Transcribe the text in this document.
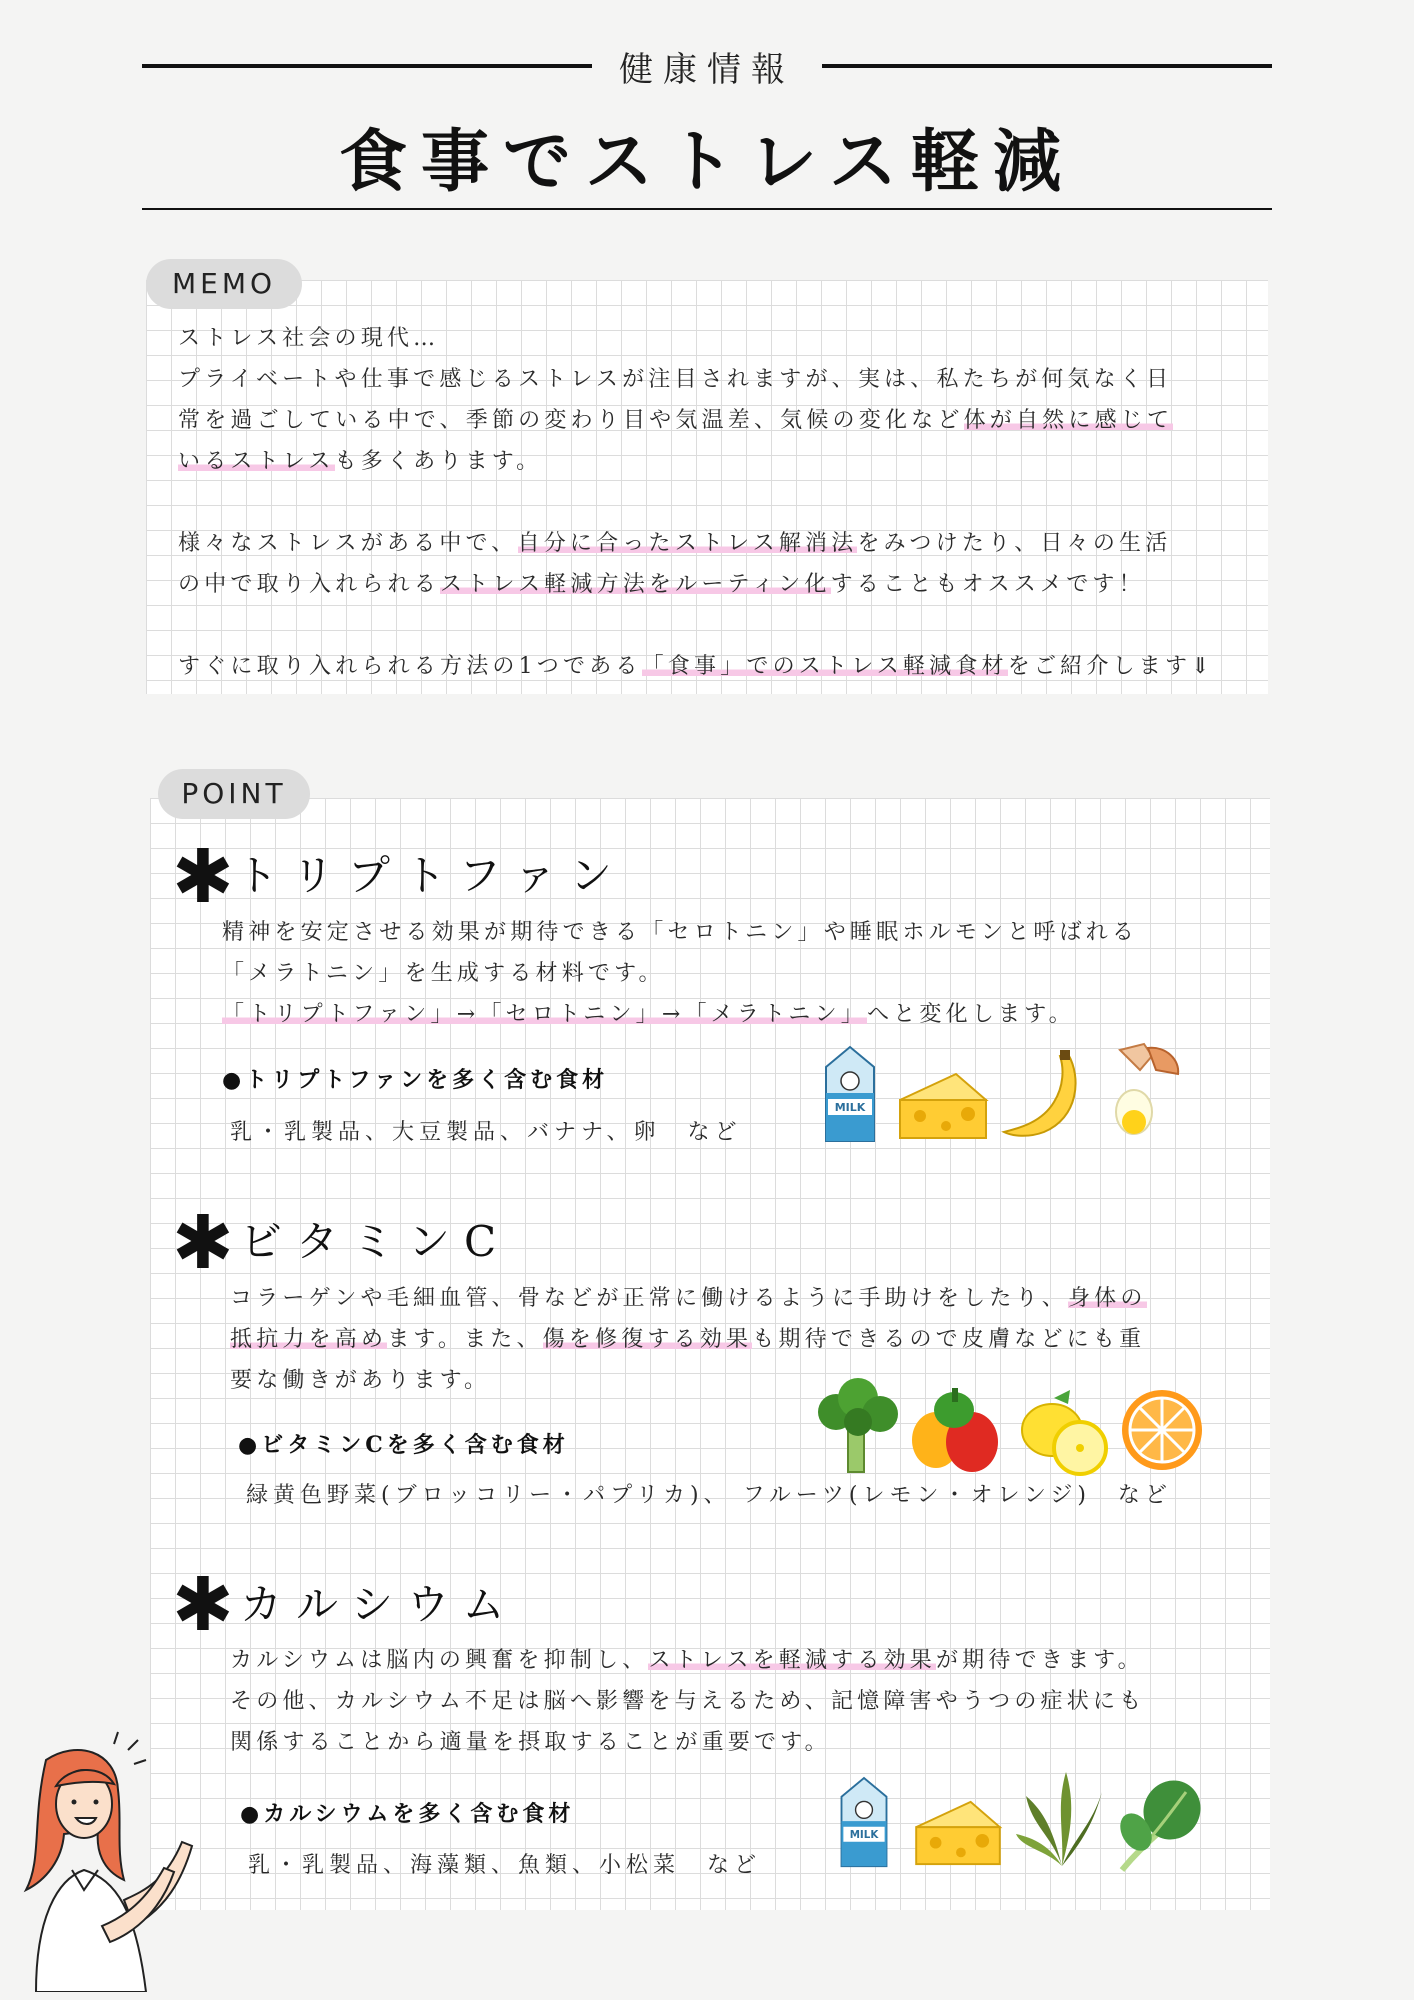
健康情報
食事でストレス軽減
MEMO
ストレス社会の現代…
プライベートや仕事で感じるストレスが注目されますが、実は、私たちが何気なく日
常を過ごしている中で、季節の変わり目や気温差、気候の変化など体が自然に感じて
いるストレスも多くあります。
様々なストレスがある中で、自分に合ったストレス解消法をみつけたり、日々の生活
の中で取り入れられるストレス軽減方法をルーティン化することもオススメです！
すぐに取り入れられる方法の1つである「食事」でのストレス軽減食材をご紹介します⇓
POINT
✱ トリプトファン
精神を安定させる効果が期待できる「セロトニン」や睡眠ホルモンと呼ばれる
「メラトニン」を生成する材料です。
「トリプトファン」→「セロトニン」→「メラトニン」へと変化します。
●トリプトファンを多く含む食材
乳・乳製品、大豆製品、バナナ、卵　など
MILK
✱ ビタミンC
コラーゲンや毛細血管、骨などが正常に働けるように手助けをしたり、身体の
抵抗力を高めます。また、傷を修復する効果も期待できるので皮膚などにも重
要な働きがあります。
●ビタミンCを多く含む食材
緑黄色野菜(ブロッコリー・パプリカ)、 フルーツ(レモン・オレンジ)　など
✱ カルシウム
カルシウムは脳内の興奮を抑制し、ストレスを軽減する効果が期待できます。
その他、カルシウム不足は脳へ影響を与えるため、記憶障害やうつの症状にも
関係することから適量を摂取することが重要です。
●カルシウムを多く含む食材
乳・乳製品、海藻類、魚類、小松菜　など
MILK
